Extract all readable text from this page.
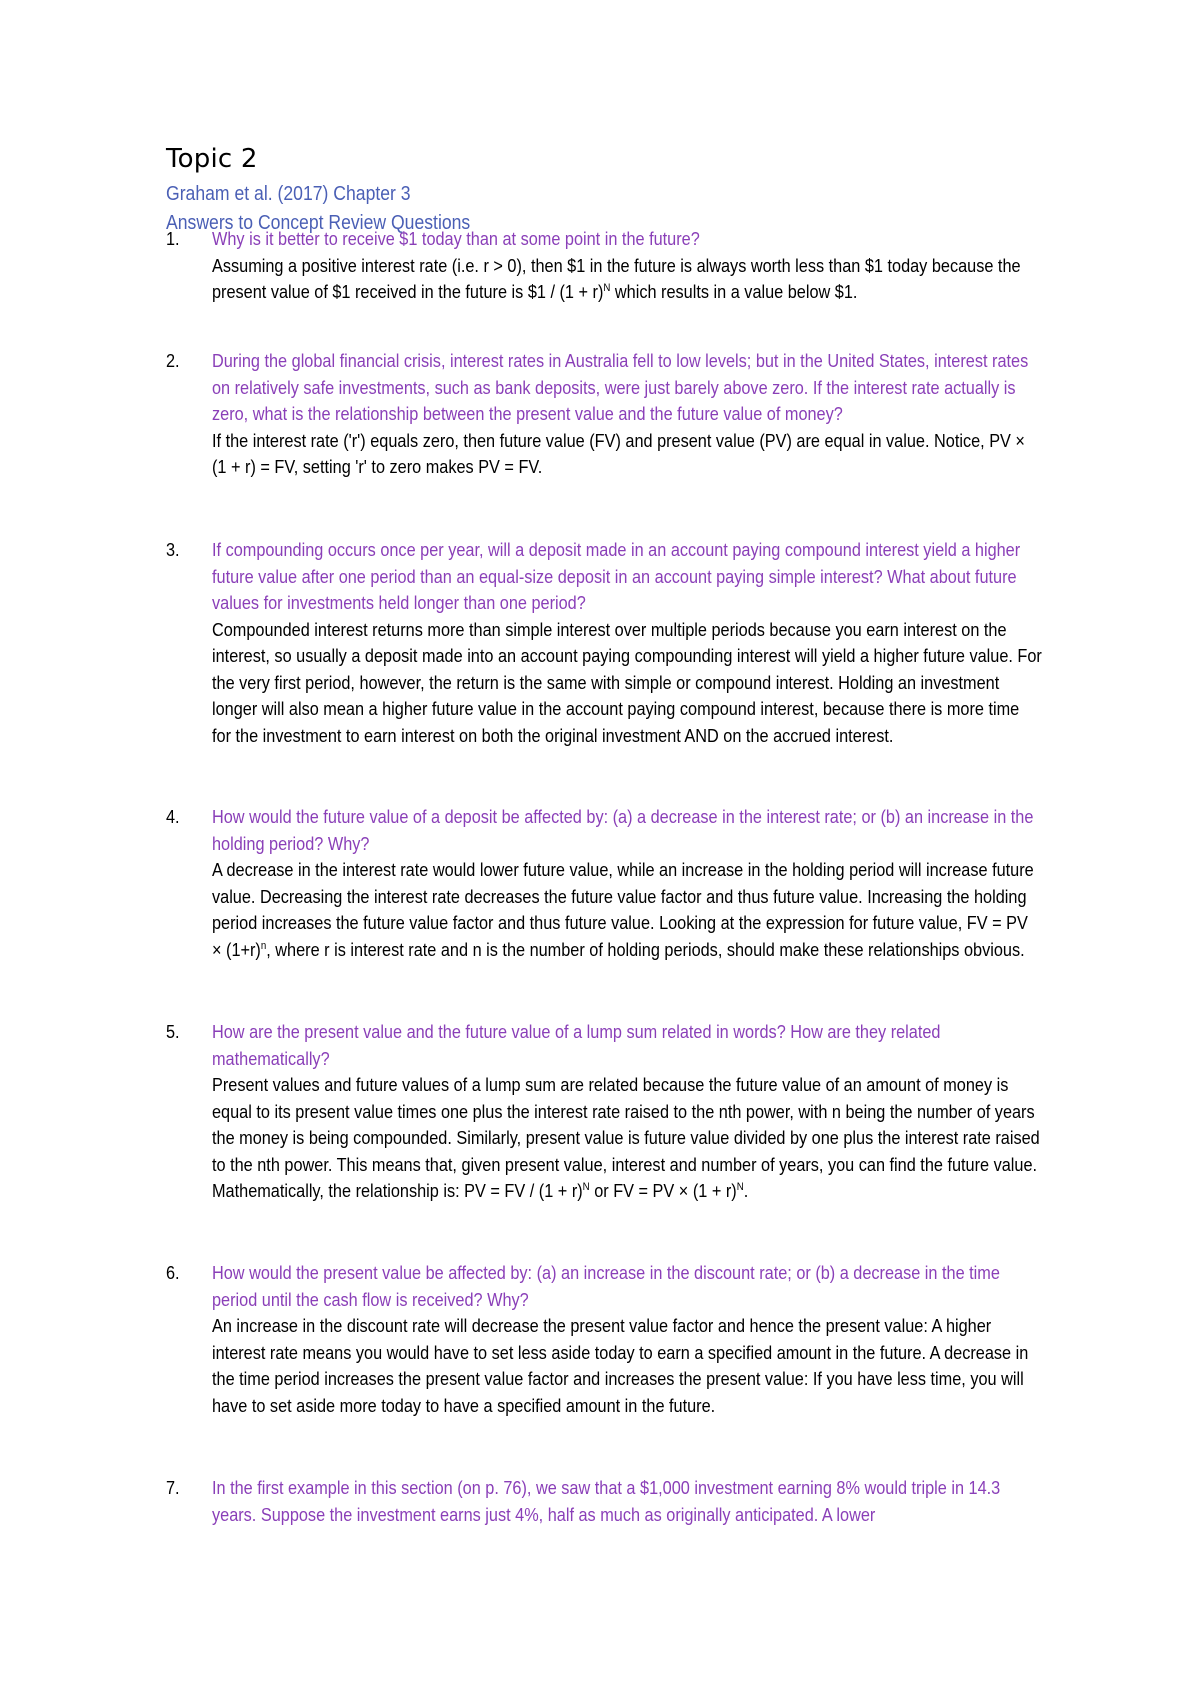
Topic 2
Graham et al. (2017) Chapter 3
Answers to Concept Review Questions
1. Why is it better to receive $1 today than at some point in the future?
Assuming a positive interest rate (i.e. r > 0), then $1 in the future is always worth less than $1 today because the present value of $1 received in the future is $1 / $(1 + r)^N$ which results in a value below $1.
2. During the global financial crisis, interest rates in Australia fell to low levels; but in the United States, interest rates on relatively safe investments, such as bank deposits, were just barely above zero. If the interest rate actually is zero, what is the relationship between the present value and the future value of money?
If the interest rate ('r') equals zero, then future value (FV) and present value (PV) are equal in value. Notice, PV × (1 + r) = FV, setting 'r' to zero makes PV = FV.
3. If compounding occurs once per year, will a deposit made in an account paying compound interest yield a higher future value after one period than an equal-size deposit in an account paying simple interest? What about future values for investments held longer than one period?
Compounded interest returns more than simple interest over multiple periods because you earn interest on the interest, so usually a deposit made into an account paying compounding interest will yield a higher future value. For the very first period, however, the return is the same with simple or compound interest. Holding an investment longer will also mean a higher future value in the account paying compound interest, because there is more time for the investment to earn interest on both the original investment AND on the accrued interest.
4. How would the future value of a deposit be affected by: (a) a decrease in the interest rate; or (b) an increase in the holding period? Why?
A decrease in the interest rate would lower future value, while an increase in the holding period will increase future value. Decreasing the interest rate decreases the future value factor and thus future value. Increasing the holding period increases the future value factor and thus future value. Looking at the expression for future value, FV = PV × $(1+r)^n$, where r is interest rate and n is the number of holding periods, should make these relationships obvious.
5. How are the present value and the future value of a lump sum related in words? How are they related mathematically?
Present values and future values of a lump sum are related because the future value of an amount of money is equal to its present value times one plus the interest rate raised to the nth power, with n being the number of years the money is being compounded. Similarly, present value is future value divided by one plus the interest rate raised to the nth power. This means that, given present value, interest and number of years, you can find the future value. Mathematically, the relationship is: PV = FV / $(1 + r)^N$ or FV = PV × $(1 + r)^N$.
6. How would the present value be affected by: (a) an increase in the discount rate; or (b) a decrease in the time period until the cash flow is received? Why?
An increase in the discount rate will decrease the present value factor and hence the present value: A higher interest rate means you would have to set less aside today to earn a specified amount in the future. A decrease in the time period increases the present value factor and increases the present value: If you have less time, you will have to set aside more today to have a specified amount in the future.
7. In the first example in this section (on p. 76), we saw that a $1,000 investment earning 8% would triple in 14.3 years. Suppose the investment earns just 4%, half as much as originally anticipated. A lower
